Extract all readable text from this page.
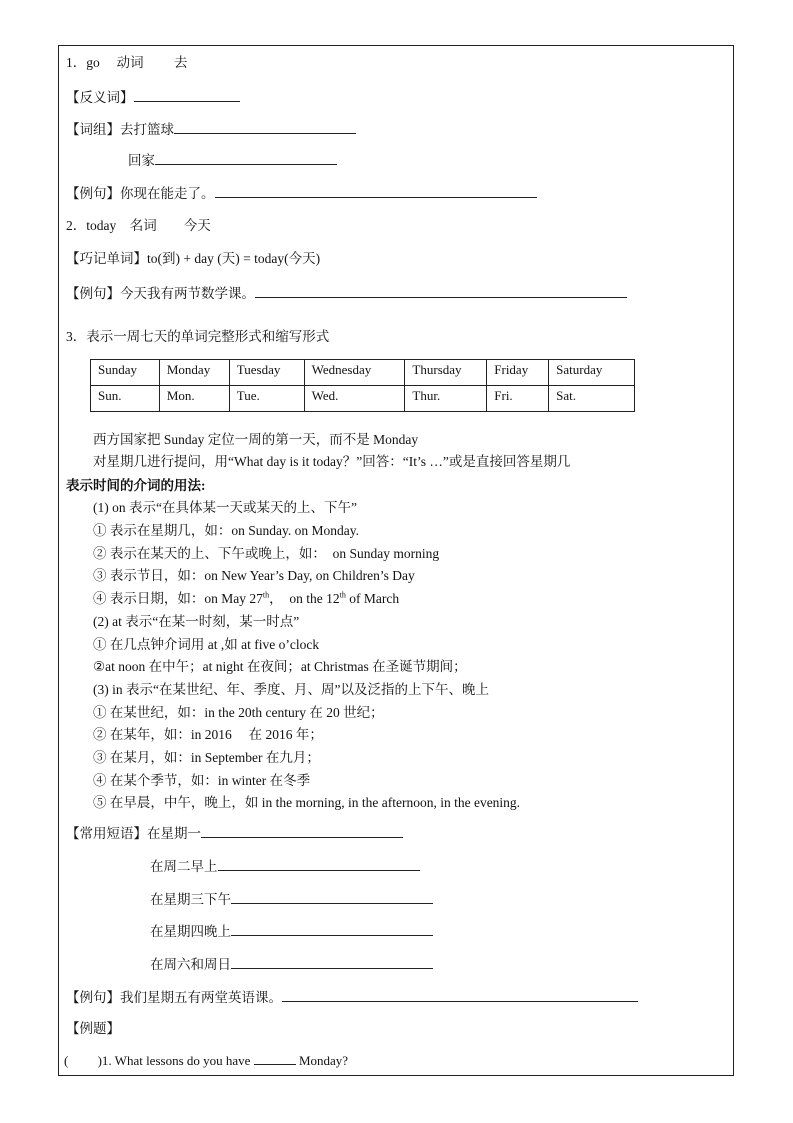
1．go　 动词　　 去
【反义词】
【词组】去打篮球
回家
【例句】你现在能走了。
2．today　名词　　今天
【巧记单词】to(到) + day (天) = today(今天)
【例句】今天我有两节数学课。
3．表示一周七天的单词完整形式和缩写形式
Sunday	Monday	Tuesday	Wednesday	Thursday	Friday	Saturday
Sun.	Mon.	Tue.	Wed.	Thur.	Fri.	Sat.
西方国家把 Sunday 定位一周的第一天，而不是 Monday
对星期几进行提问，用“What day is it today？”回答：“It’s …”或是直接回答星期几
表示时间的介词的用法:
(1) on 表示“在具体某一天或某天的上、下午”
① 表示在星期几，如：on Sunday. on Monday.
② 表示在某天的上、下午或晚上，如：　on Sunday morning
③ 表示节日，如：on New Year’s Day, on Children’s Day
④ 表示日期，如：on May 27th，　on the 12th of March
(2) at 表示“在某一时刻，某一时点”
① 在几点钟介词用 at ,如 at five o’clock
②at noon 在中午；at night 在夜间；at Christmas 在圣诞节期间；
(3) in 表示“在某世纪、年、季度、月、周”以及泛指的上下午、晚上
① 在某世纪，如：in the 20th century 在 20 世纪；
② 在某年，如：in 2016　 在 2016 年；
③ 在某月，如：in September 在九月；
④ 在某个季节，如：in winter 在冬季
⑤ 在早晨，中午，晚上，如 in the morning, in the afternoon, in the evening.
【常用短语】在星期一
在周二早上
在星期三下午
在星期四晚上
在周六和周日
【例句】我们星期五有两堂英语课。
【例题】
(　　 )1. What lessons do you have	Monday?
